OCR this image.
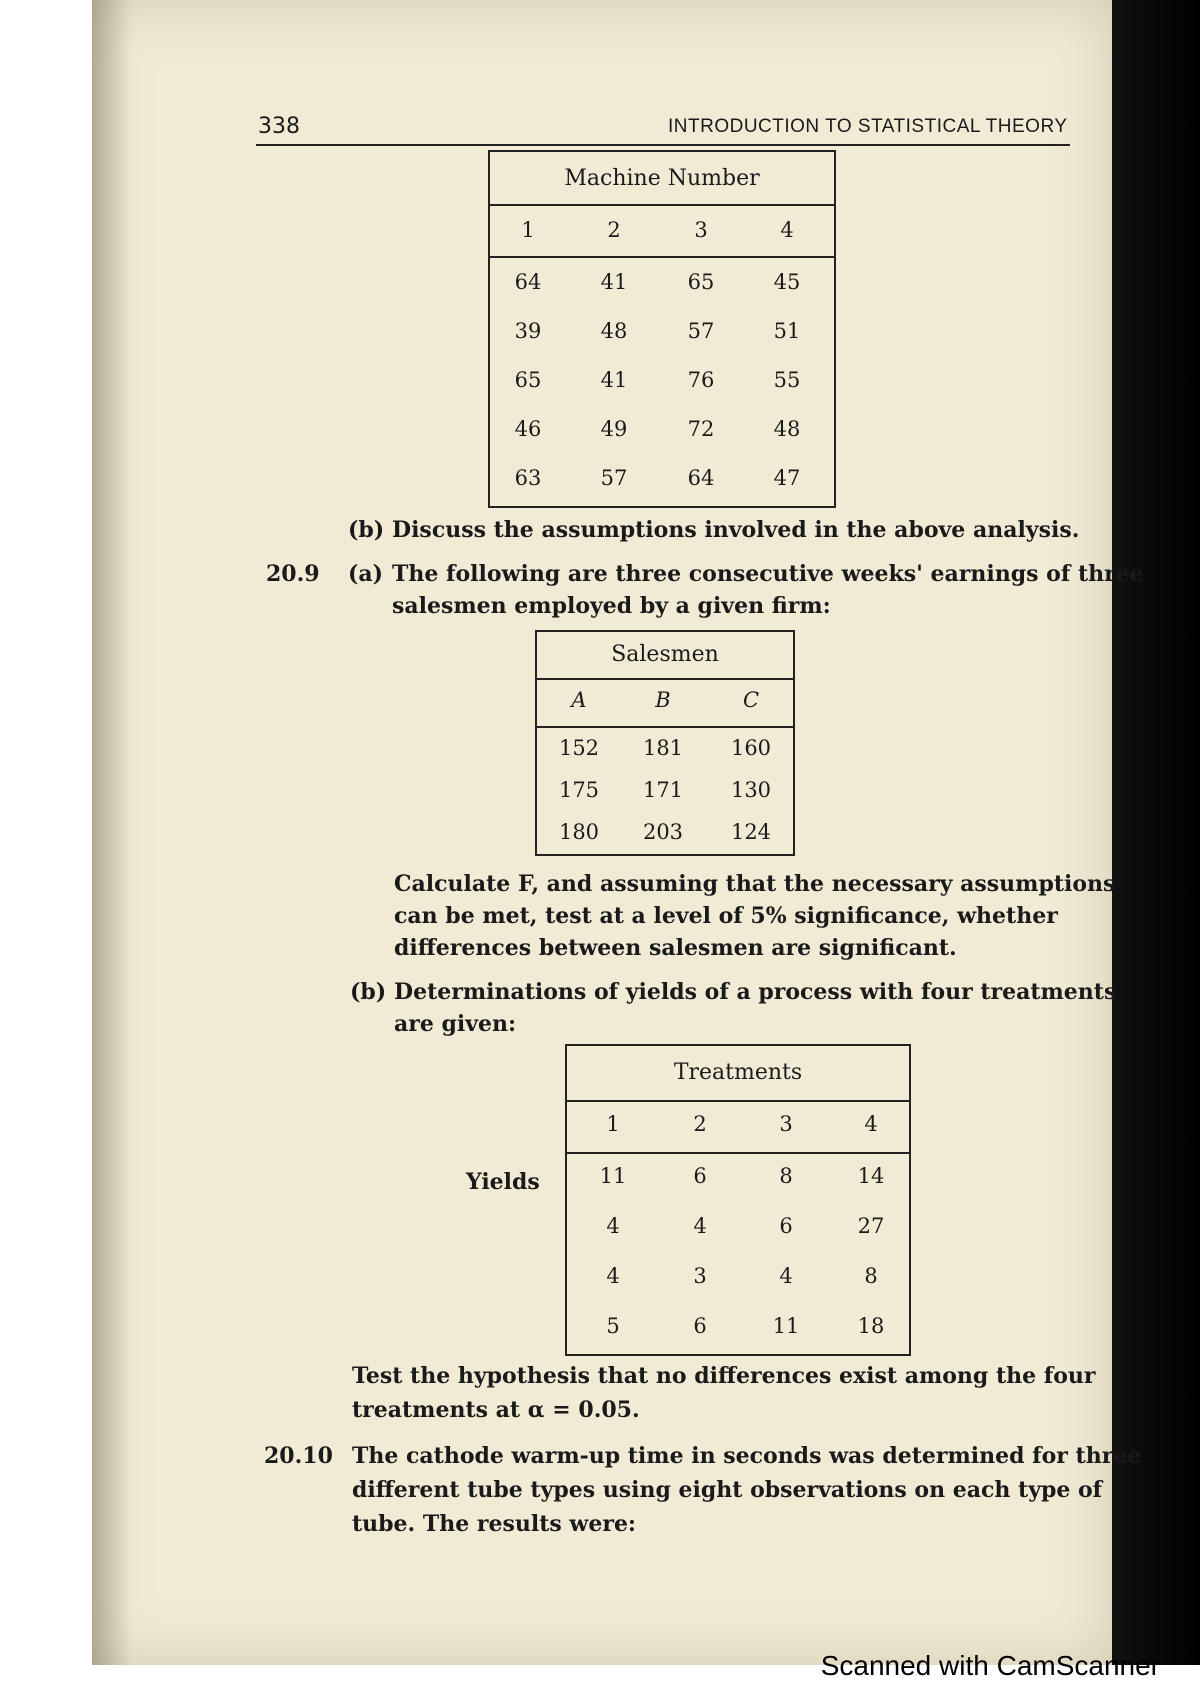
338	INTRODUCTION TO STATISTICAL THEORY
Machine Number
1	2	3	4
64	41	65	45
39	48	57	51
65	41	76	55
46	49	72	48
63	57	64	47
(b) Discuss the assumptions involved in the above analysis.
20.9 (a) The following are three consecutive weeks' earnings of three
salesmen employed by a given firm:
Salesmen
A	B	C
152 181 160
175 171 130
180 203 124
Calculate F, and assuming that the necessary assumptions
can be met, test at a level of 5% significance, whether
differences between salesmen are significant.
(b) Determinations of yields of a process with four treatments
are given:
Yields
Treatments
1	2	3	4
11	6	8	14
4	4	6	27
4	3	4	8
5	6	11	18
Test the hypothesis that no differences exist among the four
treatments at α = 0.05.
20.10 The cathode warm-up time in seconds was determined for three
different tube types using eight observations on each type of
tube. The results were:
Scanned with CamScanner
